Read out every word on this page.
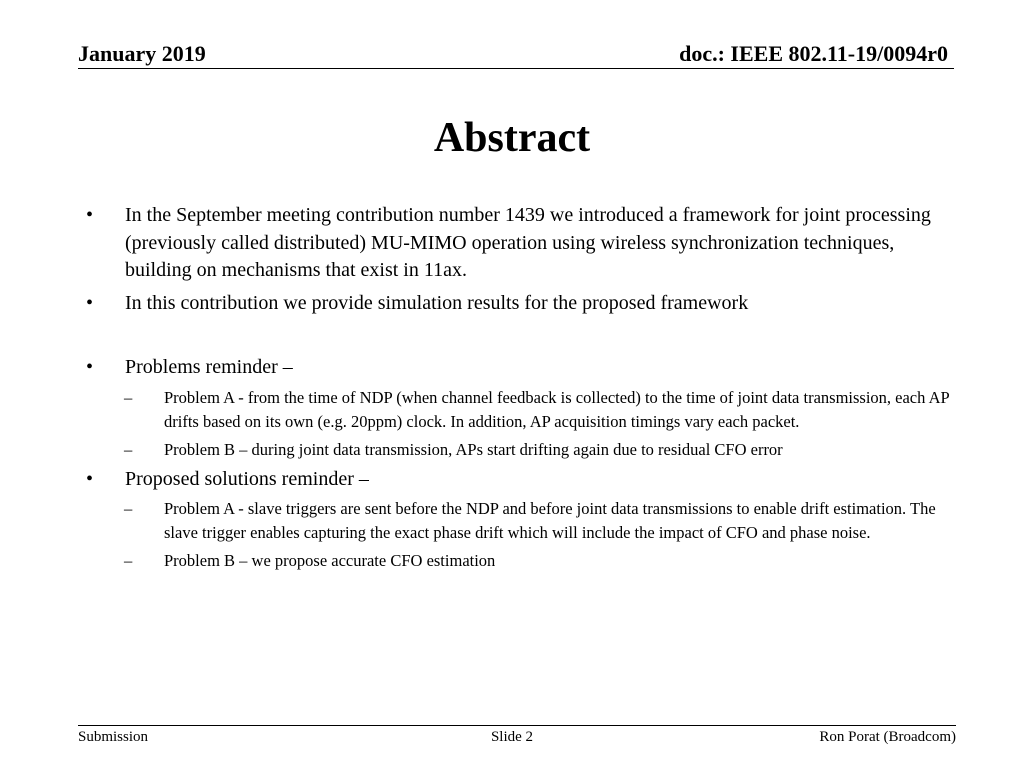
January 2019	doc.: IEEE 802.11-19/0094r0
Abstract
• In the September meeting contribution number 1439 we introduced a framework for joint processing (previously called distributed) MU-MIMO operation using wireless synchronization techniques, building on mechanisms that exist in 11ax.
• In this contribution we provide simulation results for the proposed framework
• Problems reminder –
– Problem A - from the time of NDP (when channel feedback is collected) to the time of joint data transmission, each AP drifts based on its own (e.g. 20ppm) clock. In addition, AP acquisition timings vary each packet.
– Problem B – during joint data transmission, APs start drifting again due to residual CFO error
• Proposed solutions reminder –
– Problem A - slave triggers are sent before the NDP and before joint data transmissions to enable drift estimation. The slave trigger enables capturing the exact phase drift which will include the impact of CFO and phase noise.
– Problem B – we propose accurate CFO estimation
Submission	Slide 2	Ron Porat (Broadcom)
